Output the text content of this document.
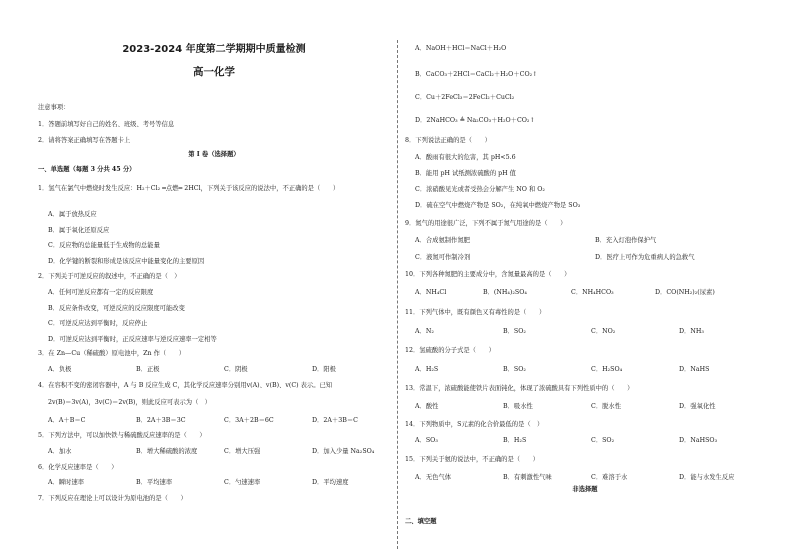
2023-2024 年度第二学期期中质量检测
高一化学
注意事项：
1．答题前填写好自己的姓名、班级、考号等信息
2．请将答案正确填写在答题卡上
第 I 卷（选择题）
一、单选题（每题 3 分共 45 分）
1．氢气在氯气中燃烧时发生反应：H₂＋Cl₂ ═点燃═ 2HCl，下列关于该反应的说法中，不正确的是（　　）
A．属于放热反应
B．属于氧化还原反应
C．反应物的总能量低于生成物的总能量
D．化学键的断裂和形成是该反应中能量变化的主要原因
2．下列关于可逆反应的叙述中，不正确的是（　）
A．任何可逆反应都有一定的反应限度
B．反应条件改变，可逆反应的反应限度可能改变
C．可逆反应达到平衡时，反应停止
D．可逆反应达到平衡时，正反应速率与逆反应速率一定相等
3．在 Zn—Cu（稀硫酸）原电池中，Zn 作（　　）
A．负极	B．正极	C．阴极	D．阳极
4．在容积不变的密闭容器中，A 与 B 反应生成 C，其化学反应速率分别用v(A)、v(B)、v(C) 表示。已知
2v(B)＝3v(A)，3v(C)＝2v(B)，则此反应可表示为（　）
A．A＋B＝C	B．2A＋3B＝3C	C．3A＋2B＝6C	D．2A＋3B＝C
5．下列方法中，可以加快铁与稀硫酸反应速率的是（　　）
A．加水	B．增大稀硫酸的浓度	C．增大压强	D．加入少量 Na₂SO₄
6．化学反应速率是（　　）
A．瞬时速率	B．平均速率	C．勺速速率	D．平均速度
7．下列反应在理论上可以设计为原电池的是（　　）
A．NaOH＋HCl＝NaCl＋H₂O
B．CaCO₃＋2HCl＝CaCl₂＋H₂O＋CO₂↑
C．Cu＋2FeCl₃＝2FeCl₂＋CuCl₂
D．2NaHCO₃ ≜ Na₂CO₃＋H₂O＋CO₂↑
8．下列说法正确的是（　　）
A．酸雨有很大的危害，其 pH<5.6
B．能用 pH 试纸测浓硫酸的 pH 值
C．浓硝酸见光或者受热会分解产生 NO 和 O₂
D．硫在空气中燃烧产物是 SO₂，在纯氧中燃烧产物是 SO₃
9．氮气的用途很广泛，下列不属于氮气用途的是（　　）
A．合成氨制作氮肥	B．充入灯泡作保护气
C．液氮可作制冷剂	D．医疗上可作为危重病人的急救气
10．下列各种氮肥的主要成分中，含氮量最高的是（　　）
A．NH₄Cl	B．(NH₄)₂SO₄	C．NH₄HCO₃	D．CO(NH₂)₂(尿素)
11．下列气体中，既有颜色又有毒性的是（　　）
A．N₂	B．SO₂	C．NO₂	D．NH₃
12．氢硫酸的分子式是（　　）
A．H₂S	B．SO₂	C．H₂SO₄	D．NaHS
13．常温下，浓硫酸能使铁片表面钝化，体现了浓硫酸具有下列性质中的（　　）
A．酸性	B．吸水性	C．脱水性	D．强氧化性
14．下列物质中，S元素的化合价最低的是（　）
A．SO₃	B．H₂S	C．SO₂	D．NaHSO₃
15．下列关于氨的说法中，不正确的是（　　）
A．无色气体	B．有刺激性气味	C．难溶于水	D．能与水发生反应
非选择题
二、填空题
